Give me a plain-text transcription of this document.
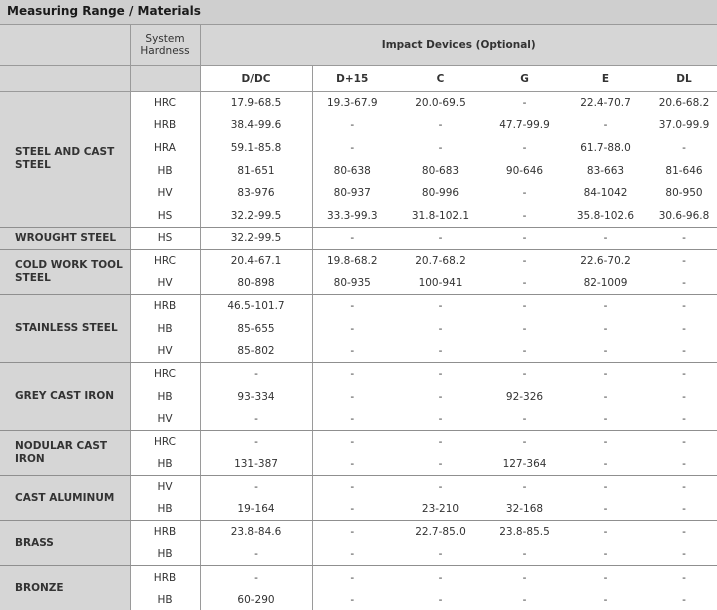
Measuring Range / Materials
	System Hardness	Impact Devices (Optional)					
		D/DC	D+15	C	G	E	DL
STEEL AND CAST STEEL	HRC	17.9-68.5	19.3-67.9	20.0-69.5	-	22.4-70.7	20.6-68.2
	HRB	38.4-99.6	-	-	47.7-99.9	-	37.0-99.9
	HRA	59.1-85.8	-	-	-	61.7-88.0	-
	HB	81-651	80-638	80-683	90-646	83-663	81-646
	HV	83-976	80-937	80-996	-	84-1042	80-950
	HS	32.2-99.5	33.3-99.3	31.8-102.1	-	35.8-102.6	30.6-96.8
WROUGHT STEEL	HS	32.2-99.5	-	-	-	-	-
COLD WORK TOOL STEEL	HRC	20.4-67.1	19.8-68.2	20.7-68.2	-	22.6-70.2	-
	HV	80-898	80-935	100-941	-	82-1009	-
STAINLESS STEEL	HRB	46.5-101.7	-	-	-	-	-
	HB	85-655	-	-	-	-	-
	HV	85-802	-	-	-	-	-
GREY CAST IRON	HRC	-	-	-	-	-	-
	HB	93-334	-	-	92-326	-	-
	HV	-	-	-	-	-	-
NODULAR CAST IRON	HRC	-	-	-	-	-	-
	HB	131-387	-	-	127-364	-	-
CAST ALUMINUM	HV	-	-	-	-	-	-
	HB	19-164	-	23-210	32-168	-	-
BRASS	HRB	23.8-84.6	-	22.7-85.0	23.8-85.5	-	-
	HB	-	-	-	-	-	-
BRONZE	HRB	-	-	-	-	-	-
	HB	60-290	-	-	-	-	-
